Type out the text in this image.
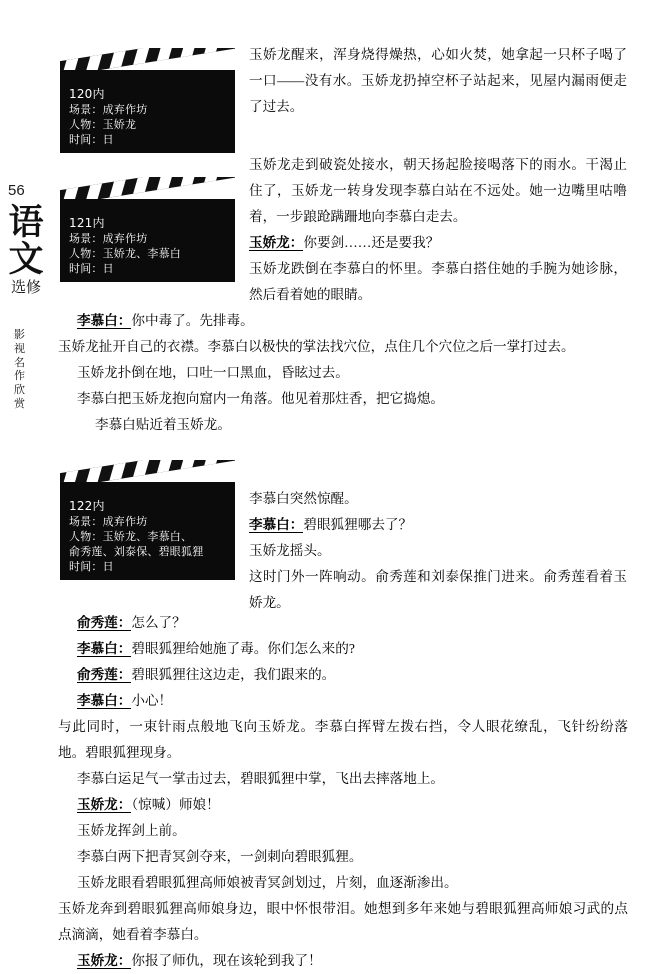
56
语文
选修
影视名作欣赏
120内
场景：成弃作坊
人物：玉娇龙
时间：日
121内
场景：成弃作坊
人物：玉娇龙、李慕白
时间：日
122内
场景：成弃作坊
人物：玉娇龙、李慕白、
俞秀莲、刘泰保、碧眼狐狸
时间：日

玉娇龙醒来，浑身烧得燥热，心如火焚，她拿起一只杯子喝了一口——没有水。玉娇龙扔掉空杯子站起来，见屋内漏雨便走了过去。

玉娇龙走到破瓷处接水，朝天扬起脸接喝落下的雨水。干渴止住了，玉娇龙一转身发现李慕白站在不远处。她一边嘴里咕噜着，一步踉跄蹒跚地向李慕白走去。

玉娇龙：你要剑……还是要我？

玉娇龙跌倒在李慕白的怀里。李慕白搭住她的手腕为她诊脉，然后看着她的眼睛。

李慕白：你中毒了。先排毒。

玉娇龙扯开自己的衣襟。李慕白以极快的掌法找穴位，点住几个穴位之后一掌打过去。

玉娇龙扑倒在地，口吐一口黑血，昏眩过去。

李慕白把玉娇龙抱向窟内一角落。他见着那炷香，把它捣熄。

李慕白贴近着玉娇龙。

李慕白突然惊醒。

李慕白：碧眼狐狸哪去了？

玉娇龙摇头。

这时门外一阵响动。俞秀莲和刘泰保推门进来。俞秀莲看着玉娇龙。

俞秀莲：怎么了？

李慕白：碧眼狐狸给她施了毒。你们怎么来的?

俞秀莲：碧眼狐狸往这边走，我们跟来的。

李慕白：小心！

与此同时，一束针雨点般地飞向玉娇龙。李慕白挥臂左拨右挡，令人眼花缭乱，飞针纷纷落地。碧眼狐狸现身。

李慕白运足气一掌击过去，碧眼狐狸中掌，飞出去摔落地上。

玉娇龙：（惊喊）师娘！

玉娇龙挥剑上前。

李慕白两下把青冥剑夺来，一剑刺向碧眼狐狸。

玉娇龙眼看碧眼狐狸高师娘被青冥剑划过，片刻，血逐渐渗出。

玉娇龙奔到碧眼狐狸高师娘身边，眼中怀恨带泪。她想到多年来她与碧眼狐狸高师娘习武的点点滴滴，她看着李慕白。

玉娇龙：你报了师仇，现在该轮到我了！
